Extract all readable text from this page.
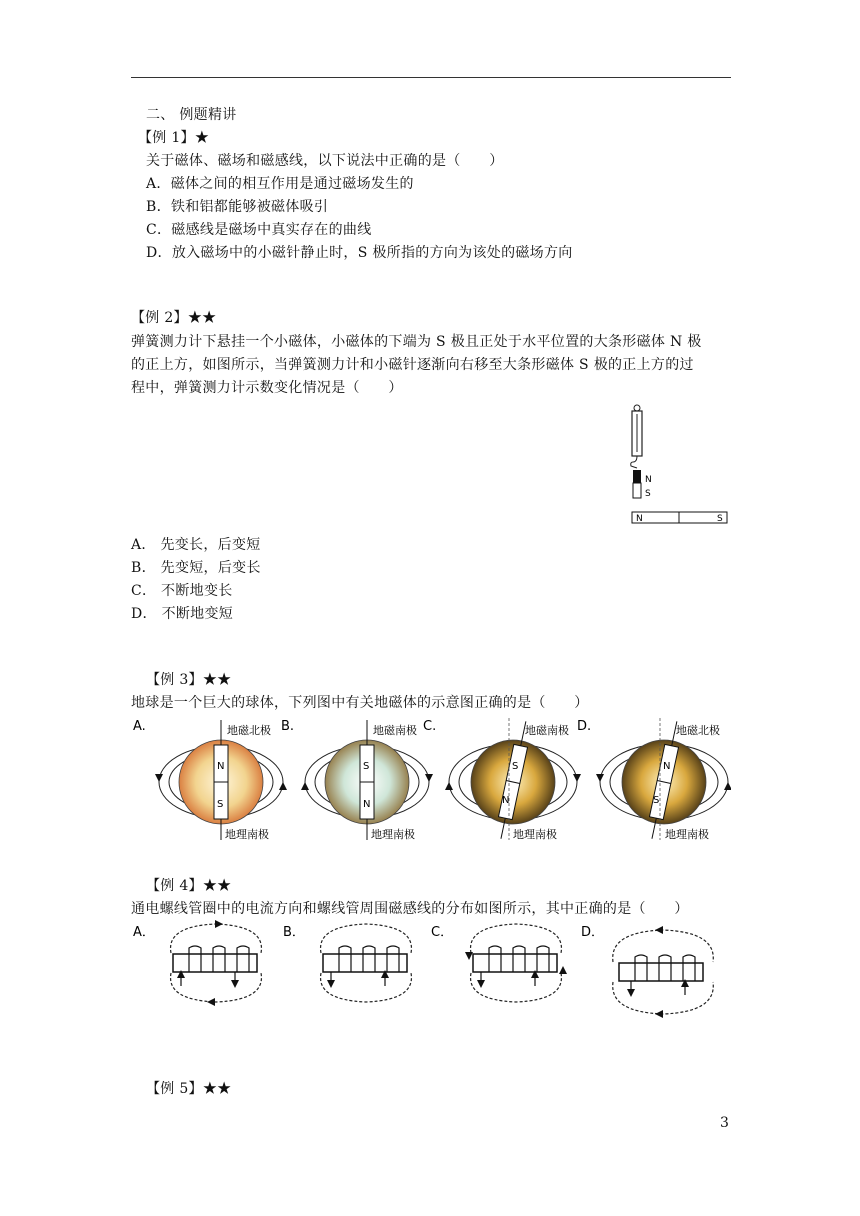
二、 例题精讲
【例 1】★
关于磁体、磁场和磁感线，以下说法中正确的是（　　）
A．磁体之间的相互作用是通过磁场发生的
B．铁和铝都能够被磁体吸引
C．磁感线是磁场中真实存在的曲线
D．放入磁场中的小磁针静止时，S 极所指的方向为该处的磁场方向
【例 2】★★
弹簧测力计下悬挂一个小磁体，小磁体的下端为 S 极且正处于水平位置的大条形磁体 N 极
的正上方，如图所示，当弹簧测力计和小磁针逐渐向右移至大条形磁体 S 极的正上方的过
程中，弹簧测力计示数变化情况是（　　）
N
S
N	S
A． 先变长，后变短
B． 先变短，后变长
C． 不断地变长
D． 不断地变短
【例 3】★★
地球是一个巨大的球体，下列图中有关地磁体的示意图正确的是（　　）
A.
N
S
地磁北极
地理南极
B.
S
N
地磁南极
地理南极
C.
S
N
地磁南极
地理南极
D.
N
S
地磁北极
地理南极
【例 4】★★
通电螺线管圈中的电流方向和螺线管周围磁感线的分布如图所示，其中正确的是（　　）
A．	B．	C．	D．
【例 5】★★
3
